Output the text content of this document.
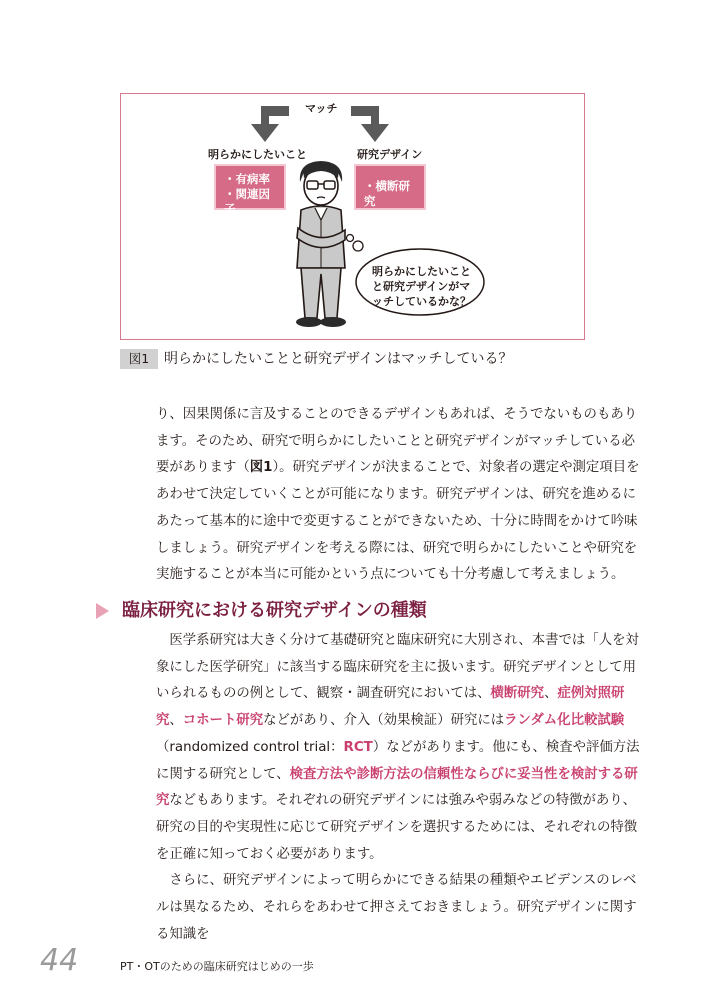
マッチ
明らかにしたいこと	研究デザイン
・有病率
・関連因子
・横断研究
明らかにしたいこと
と研究デザインがマ
ッチしているかな？
図1	明らかにしたいことと研究デザインはマッチしている？

り、因果関係に言及することのできるデザインもあれば、そうでないものもあります。そのため、研究で明らかにしたいことと研究デザインがマッチしている必要があります（図1）。研究デザインが決まることで、対象者の選定や測定項目をあわせて決定していくことが可能になります。研究デザインは、研究を進めるにあたって基本的に途中で変更することができないため、十分に時間をかけて吟味しましょう。研究デザインを考える際には、研究で明らかにしたいことや研究を実施することが本当に可能かという点についても十分考慮して考えましょう。

臨床研究における研究デザインの種類

医学系研究は大きく分けて基礎研究と臨床研究に大別され、本書では「人を対象にした医学研究」に該当する臨床研究を主に扱います。研究デザインとして用いられるものの例として、観察・調査研究においては、横断研究、症例対照研究、コホート研究などがあり、介入（効果検証）研究にはランダム化比較試験（randomized control trial：RCT）などがあります。他にも、検査や評価方法に関する研究として、検査方法や診断方法の信頼性ならびに妥当性を検討する研究などもあります。それぞれの研究デザインには強みや弱みなどの特徴があり、研究の目的や実現性に応じて研究デザインを選択するためには、それぞれの特徴を正確に知っておく必要があります。
さらに、研究デザインによって明らかにできる結果の種類やエビデンスのレベルは異なるため、それらをあわせて押さえておきましょう。研究デザインに関する知識を

44	PT・OTのための臨床研究はじめの一歩
